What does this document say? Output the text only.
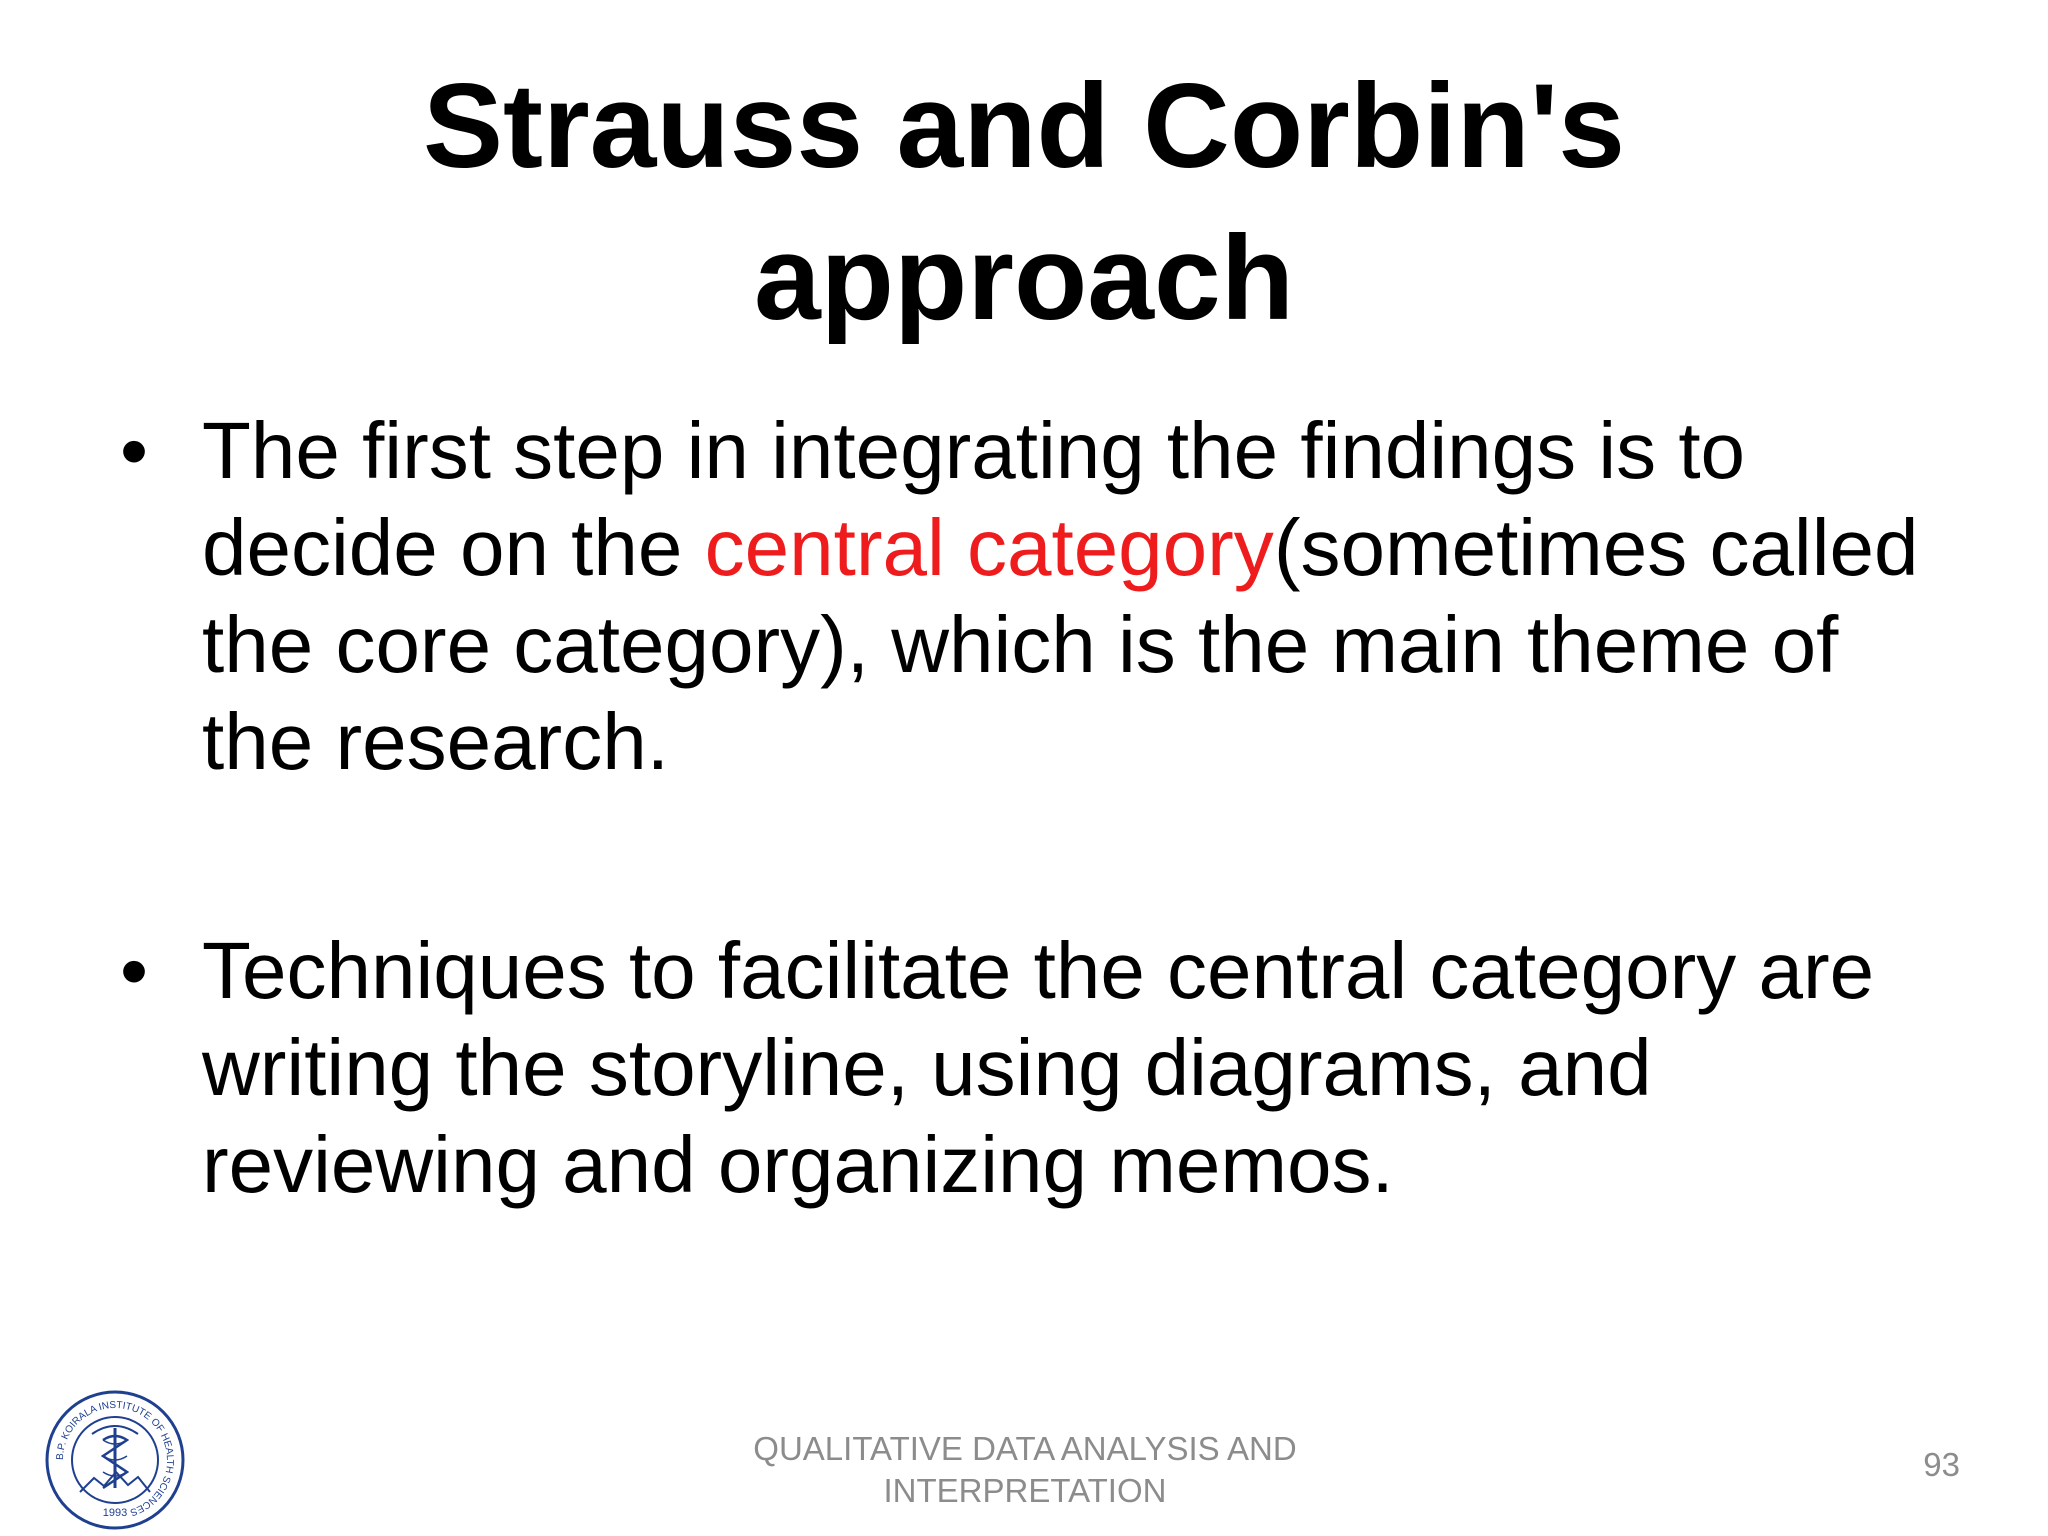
Strauss and Corbin's
approach
• The first step in integrating the findings is to
decide on the central category(sometimes called
the core category), which is the main theme of
the research.
• Techniques to facilitate the central category are
writing the storyline, using diagrams, and
reviewing and organizing memos.
B.P. KOIRALA INSTITUTE OF HEALTH SCIENCES
1993
QUALITATIVE DATA ANALYSIS AND
INTERPRETATION
93
